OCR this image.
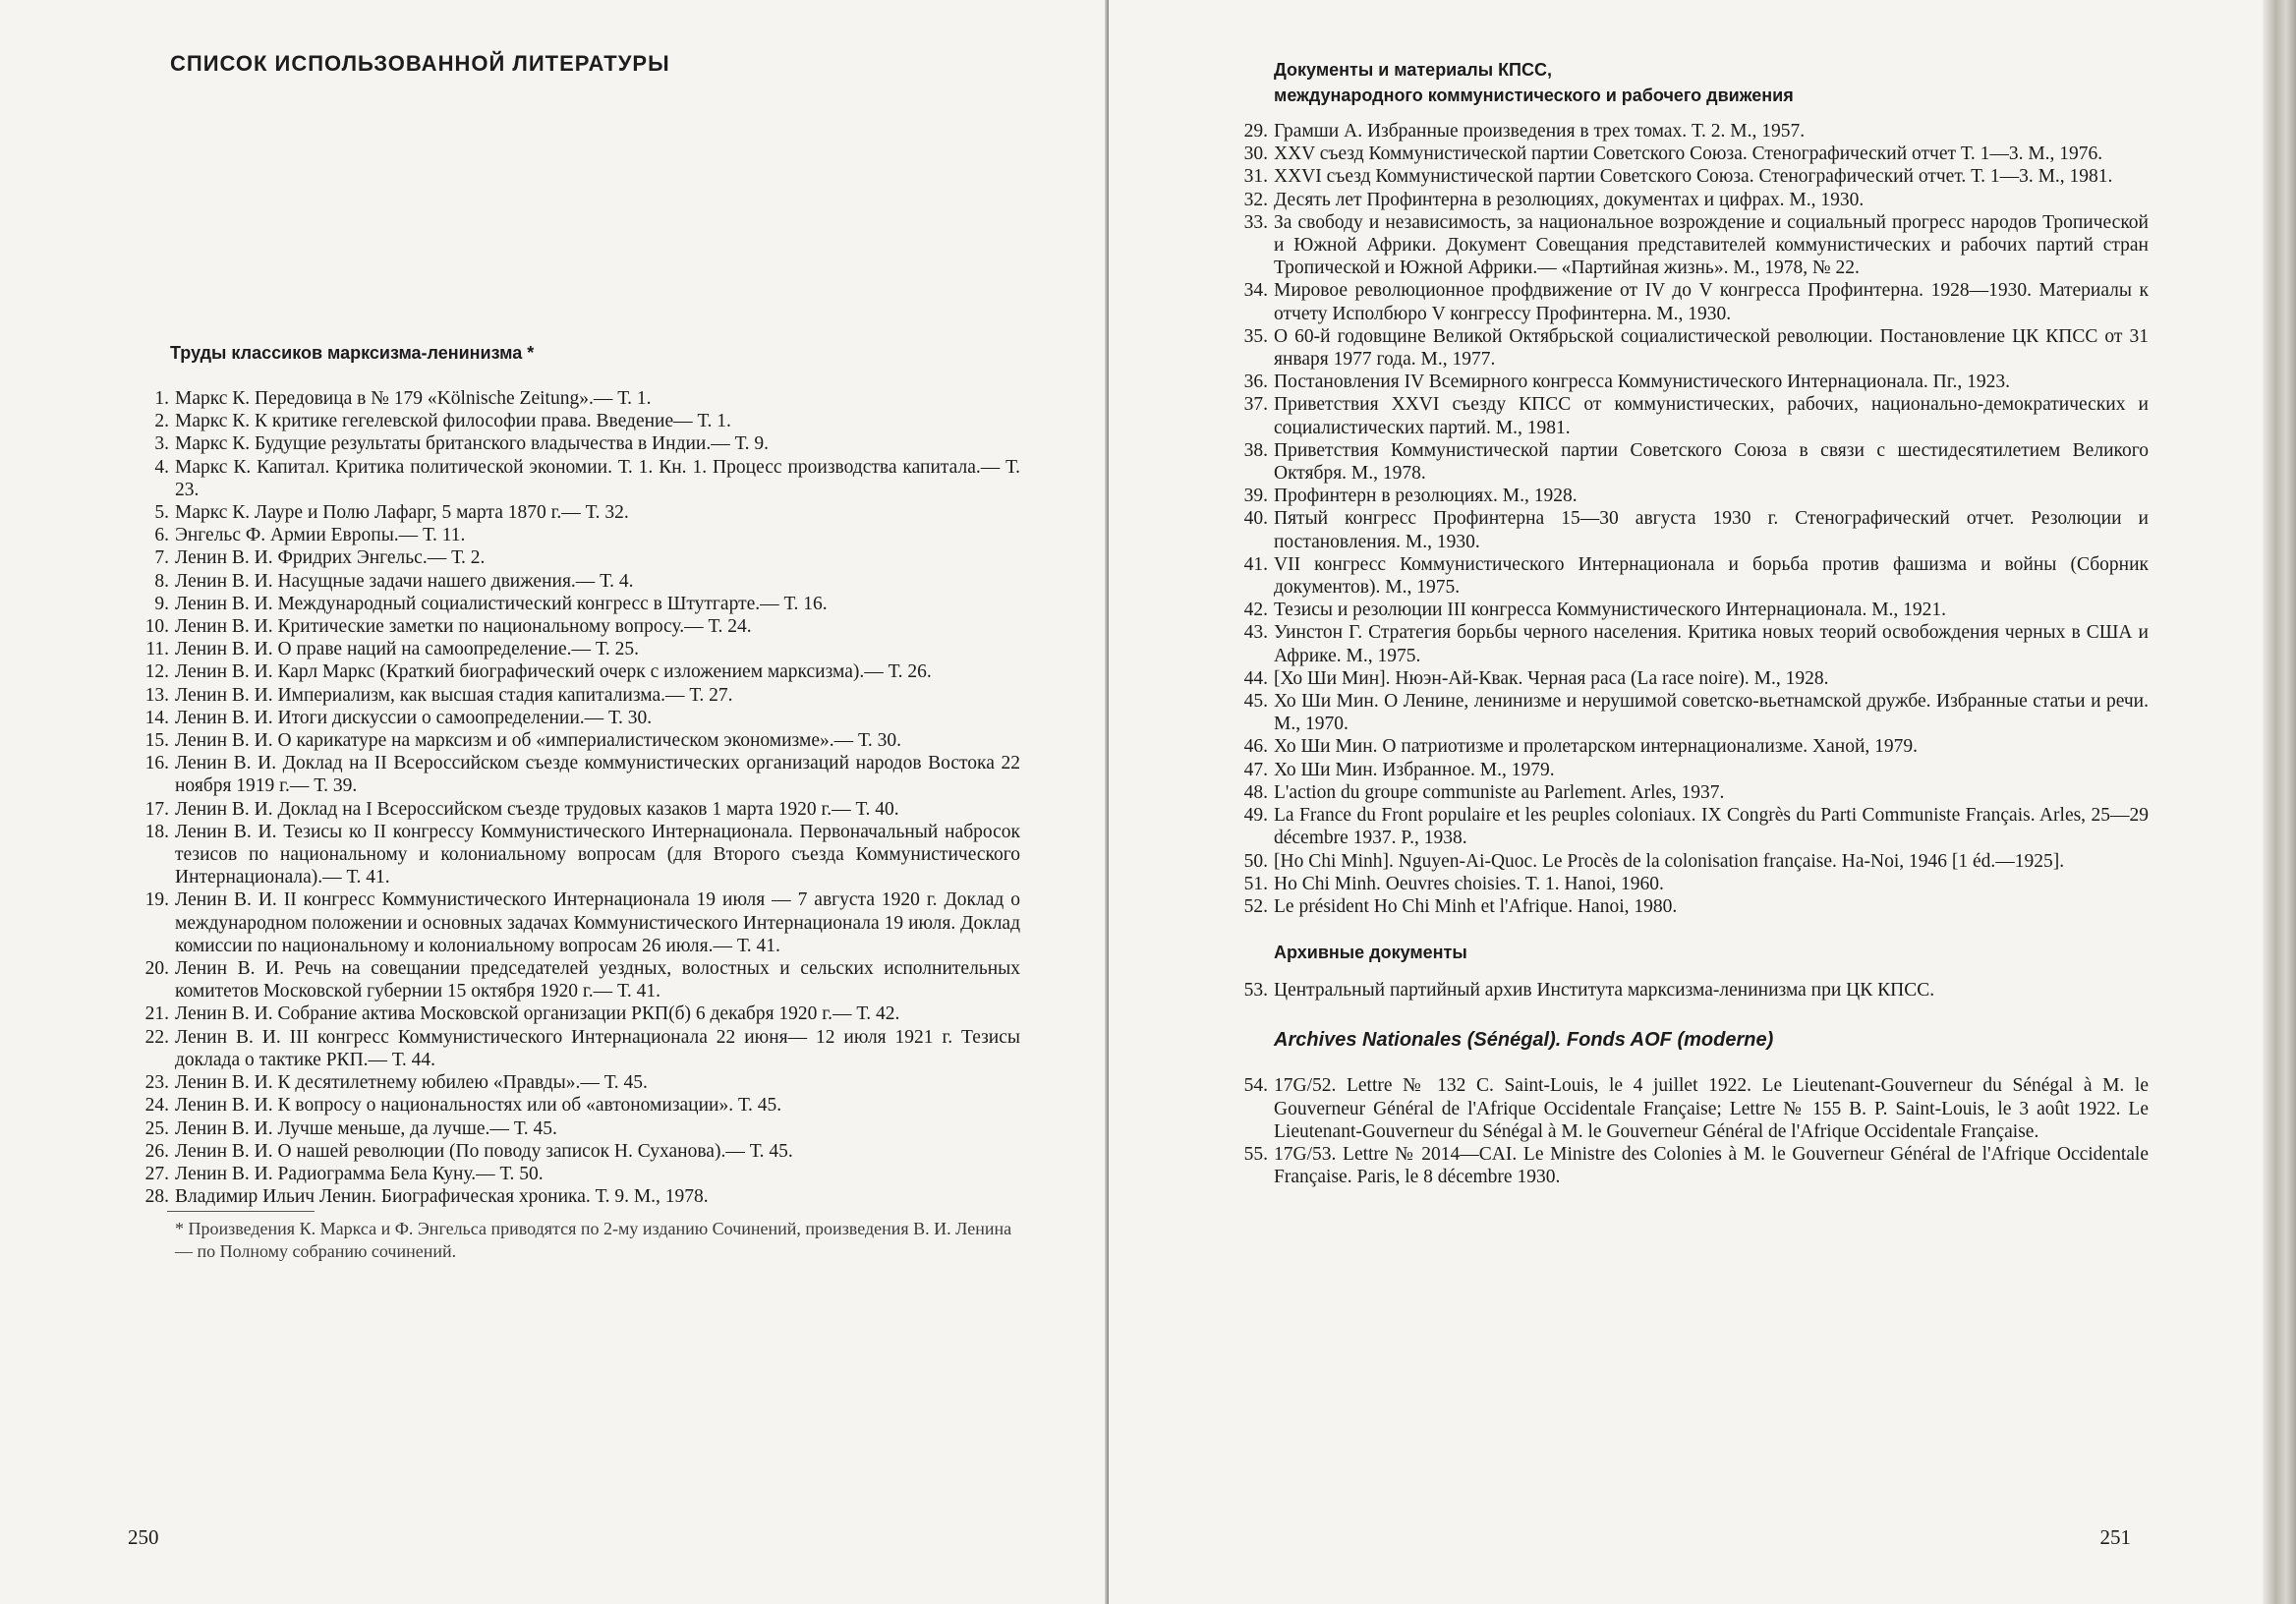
СПИСОК ИСПОЛЬЗОВАННОЙ ЛИТЕРАТУРЫ
Труды классиков марксизма-ленинизма *
1. Маркс К. Передовица в № 179 «Kölnische Zeitung».— Т. 1.
2. Маркс К. К критике гегелевской философии права. Введение— Т. 1.
3. Маркс К. Будущие результаты британского владычества в Индии.— Т. 9.
4. Маркс К. Капитал. Критика политической экономии. Т. 1. Кн. 1. Процесс производства капитала.— Т. 23.
5. Маркс К. Лауре и Полю Лафарг, 5 марта 1870 г.— Т. 32.
6. Энгельс Ф. Армии Европы.— Т. 11.
7. Ленин В. И. Фридрих Энгельс.— Т. 2.
8. Ленин В. И. Насущные задачи нашего движения.— Т. 4.
9. Ленин В. И. Международный социалистический конгресс в Штутгарте.— Т. 16.
10. Ленин В. И. Критические заметки по национальному вопросу.— Т. 24.
11. Ленин В. И. О праве наций на самоопределение.— Т. 25.
12. Ленин В. И. Карл Маркс (Краткий биографический очерк с изложением марксизма).— Т. 26.
13. Ленин В. И. Империализм, как высшая стадия капитализма.— Т. 27.
14. Ленин В. И. Итоги дискуссии о самоопределении.— Т. 30.
15. Ленин В. И. О карикатуре на марксизм и об «империалистическом экономизме».— Т. 30.
16. Ленин В. И. Доклад на II Всероссийском съезде коммунистических организаций народов Востока 22 ноября 1919 г.— Т. 39.
17. Ленин В. И. Доклад на I Всероссийском съезде трудовых казаков 1 марта 1920 г.— Т. 40.
18. Ленин В. И. Тезисы ко II конгрессу Коммунистического Интернационала. Первоначальный набросок тезисов по национальному и колониальному вопросам (для Второго съезда Коммунистического Интернационала).— Т. 41.
19. Ленин В. И. II конгресс Коммунистического Интернационала 19 июля — 7 августа 1920 г. Доклад о международном положении и основных задачах Коммунистического Интернационала 19 июля. Доклад комиссии по национальному и колониальному вопросам 26 июля.— Т. 41.
20. Ленин В. И. Речь на совещании председателей уездных, волостных и сельских исполнительных комитетов Московской губернии 15 октября 1920 г.— Т. 41.
21. Ленин В. И. Собрание актива Московской организации РКП(б) 6 декабря 1920 г.— Т. 42.
22. Ленин В. И. III конгресс Коммунистического Интернационала 22 июня— 12 июля 1921 г. Тезисы доклада о тактике РКП.— Т. 44.
23. Ленин В. И. К десятилетнему юбилею «Правды».— Т. 45.
24. Ленин В. И. К вопросу о национальностях или об «автономизации». Т. 45.
25. Ленин В. И. Лучше меньше, да лучше.— Т. 45.
26. Ленин В. И. О нашей революции (По поводу записок Н. Суханова).— Т. 45.
27. Ленин В. И. Радиограмма Бела Куну.— Т. 50.
28. Владимир Ильич Ленин. Биографическая хроника. Т. 9. М., 1978.
* Произведения К. Маркса и Ф. Энгельса приводятся по 2-му изданию Сочинений, произведения В. И. Ленина — по Полному собранию сочинений.
250
Документы и материалы КПСС,
международного коммунистического и рабочего движения
29. Грамши А. Избранные произведения в трех томах. Т. 2. М., 1957.
30. XXV съезд Коммунистической партии Советского Союза. Стенографический отчет Т. 1—3. М., 1976.
31. XXVI съезд Коммунистической партии Советского Союза. Стенографический отчет. Т. 1—3. М., 1981.
32. Десять лет Профинтерна в резолюциях, документах и цифрах. М., 1930.
33. За свободу и независимость, за национальное возрождение и социальный прогресс народов Тропической и Южной Африки. Документ Совещания представителей коммунистических и рабочих партий стран Тропической и Южной Африки.— «Партийная жизнь». М., 1978, № 22.
34. Мировое революционное профдвижение от IV до V конгресса Профинтерна. 1928—1930. Материалы к отчету Исполбюро V конгрессу Профинтерна. М., 1930.
35. О 60-й годовщине Великой Октябрьской социалистической революции. Постановление ЦК КПСС от 31 января 1977 года. М., 1977.
36. Постановления IV Всемирного конгресса Коммунистического Интернационала. Пг., 1923.
37. Приветствия XXVI съезду КПСС от коммунистических, рабочих, национально-демократических и социалистических партий. М., 1981.
38. Приветствия Коммунистической партии Советского Союза в связи с шестидесятилетием Великого Октября. М., 1978.
39. Профинтерн в резолюциях. М., 1928.
40. Пятый конгресс Профинтерна 15—30 августа 1930 г. Стенографический отчет. Резолюции и постановления. М., 1930.
41. VII конгресс Коммунистического Интернационала и борьба против фашизма и войны (Сборник документов). М., 1975.
42. Тезисы и резолюции III конгресса Коммунистического Интернационала. М., 1921.
43. Уинстон Г. Стратегия борьбы черного населения. Критика новых теорий освобождения черных в США и Африке. М., 1975.
44. [Хо Ши Мин]. Нюэн-Ай-Квак. Черная раса (La race noire). М., 1928.
45. Хо Ши Мин. О Ленине, ленинизме и нерушимой советско-вьетнамской дружбе. Избранные статьи и речи. М., 1970.
46. Хо Ши Мин. О патриотизме и пролетарском интернационализме. Ханой, 1979.
47. Хо Ши Мин. Избранное. М., 1979.
48. L'action du groupe communiste au Parlement. Arles, 1937.
49. La France du Front populaire et les peuples coloniaux. IX Congrès du Parti Communiste Français. Arles, 25—29 décembre 1937. P., 1938.
50. [Ho Chi Minh]. Nguyen-Ai-Quoc. Le Procès de la colonisation française. Ha-Noi, 1946 [1 éd.—1925].
51. Ho Chi Minh. Oeuvres choisies. T. 1. Hanoi, 1960.
52. Le président Ho Chi Minh et l'Afrique. Hanoi, 1980.
Архивные документы
53. Центральный партийный архив Института марксизма-ленинизма при ЦК КПСС.
Archives Nationales (Sénégal). Fonds AOF (moderne)
54. 17G/52. Lettre № 132 C. Saint-Louis, le 4 juillet 1922. Le Lieutenant-Gouverneur du Sénégal à M. le Gouverneur Général de l'Afrique Occidentale Française; Lettre № 155 B. P. Saint-Louis, le 3 août 1922. Le Lieutenant-Gouverneur du Sénégal à M. le Gouverneur Général de l'Afrique Occidentale Française.
55. 17G/53. Lettre № 2014—CAI. Le Ministre des Colonies à M. le Gouverneur Général de l'Afrique Occidentale Française. Paris, le 8 décembre 1930.
251
